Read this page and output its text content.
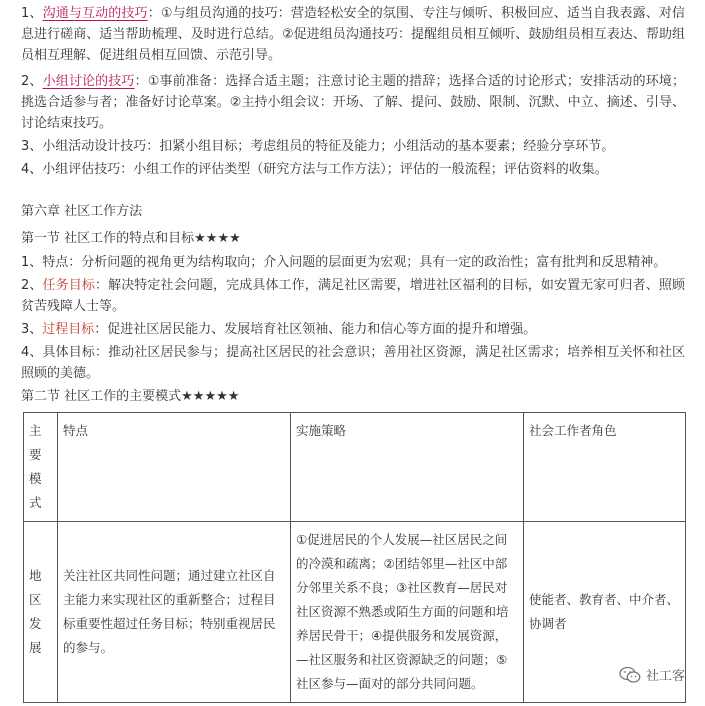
1、沟通与互动的技巧：①与组员沟通的技巧：营造轻松安全的氛围、专注与倾听、积极回应、适当自我表露、对信息进行磋商、适当帮助梳理、及时进行总结。②促进组员沟通技巧：提醒组员相互倾听、鼓励组员相互表达、帮助组员相互理解、促进组员相互回馈、示范引导。

2、小组讨论的技巧：①事前准备：选择合适主题；注意讨论主题的措辞；选择合适的讨论形式；安排活动的环境；挑选合适参与者；准备好讨论草案。②主持小组会议：开场、了解、提问、鼓励、限制、沉默、中立、摘述、引导、讨论结束技巧。

3、小组活动设计技巧：扣紧小组目标；考虑组员的特征及能力；小组活动的基本要素；经验分享环节。

4、小组评估技巧：小组工作的评估类型（研究方法与工作方法）；评估的一般流程；评估资料的收集。

第六章 社区工作方法

第一节 社区工作的特点和目标★★★★

1、特点：分析问题的视角更为结构取向；介入问题的层面更为宏观；具有一定的政治性；富有批判和反思精神。

2、任务目标：解决特定社会问题，完成具体工作，满足社区需要，增进社区福利的目标，如安置无家可归者、照顾贫苦残障人士等。

3、过程目标：促进社区居民能力、发展培育社区领袖、能力和信心等方面的提升和增强。

4、具体目标：推动社区居民参与；提高社区居民的社会意识；善用社区资源，满足社区需求；培养相互关怀和社区照顾的美德。

第二节 社区工作的主要模式★★★★★

主要模式	特点	实施策略	社会工作者角色
地区发展	关注社区共同性问题；通过建立社区自主能力来实现社区的重新整合；过程目标重要性超过任务目标；特别重视居民的参与。	①促进居民的个人发展—社区居民之间的冷漠和疏离；②团结邻里—社区中部分邻里关系不良；③社区教育—居民对社区资源不熟悉或陌生方面的问题和培养居民骨干；④提供服务和发展资源，—社区服务和社区资源缺乏的问题；⑤社区参与—面对的部分共同问题。	使能者、教育者、中介者、协调者
社工客
